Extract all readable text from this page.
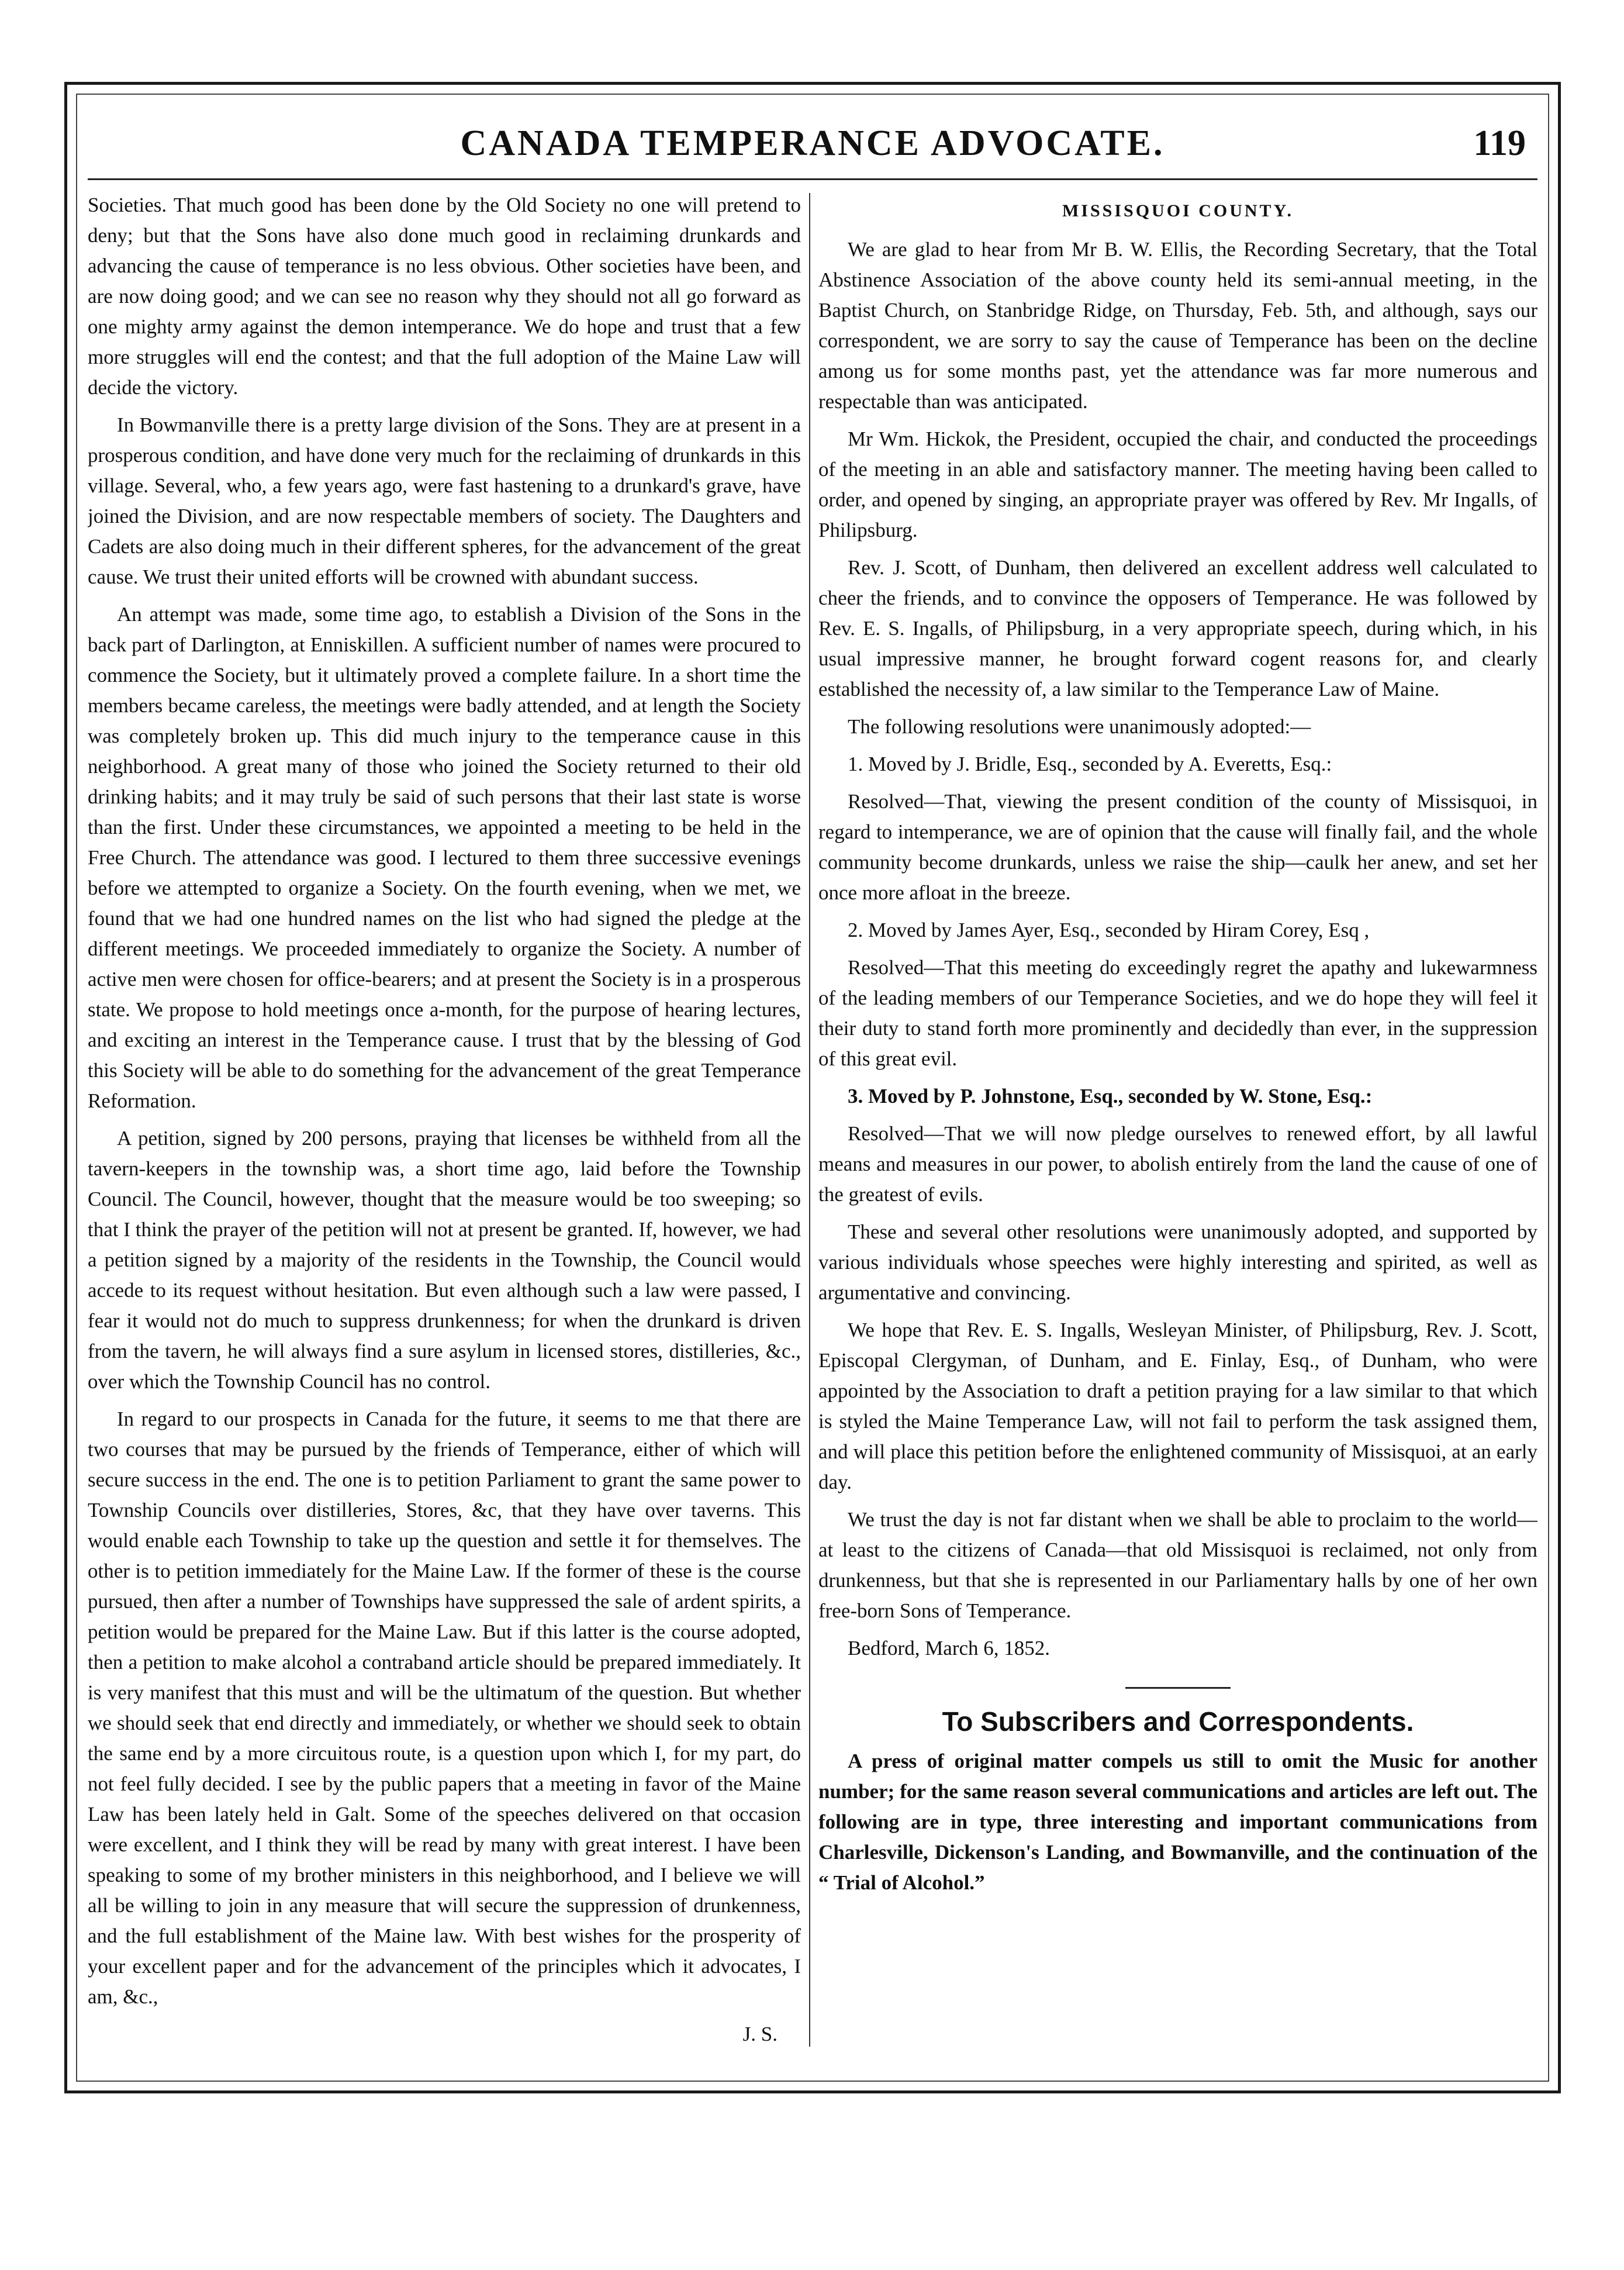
CANADA TEMPERANCE ADVOCATE.	119

Societies. That much good has been done by the Old Society no one will pretend to deny; but that the Sons have also done much good in reclaiming drunkards and advancing the cause of temperance is no less obvious. Other societies have been, and are now doing good; and we can see no reason why they should not all go forward as one mighty army against the demon intemperance. We do hope and trust that a few more struggles will end the contest; and that the full adoption of the Maine Law will decide the victory.

In Bowmanville there is a pretty large division of the Sons. They are at present in a prosperous condition, and have done very much for the reclaiming of drunkards in this village. Several, who, a few years ago, were fast hastening to a drunkard's grave, have joined the Division, and are now respectable members of society. The Daughters and Cadets are also doing much in their different spheres, for the advancement of the great cause. We trust their united efforts will be crowned with abundant success.

An attempt was made, some time ago, to establish a Division of the Sons in the back part of Darlington, at Enniskillen. A sufficient number of names were procured to commence the Society, but it ultimately proved a complete failure. In a short time the members became careless, the meetings were badly attended, and at length the Society was completely broken up. This did much injury to the temperance cause in this neighborhood. A great many of those who joined the Society returned to their old drinking habits; and it may truly be said of such persons that their last state is worse than the first. Under these circumstances, we appointed a meeting to be held in the Free Church. The attendance was good. I lectured to them three successive evenings before we attempted to organize a Society. On the fourth evening, when we met, we found that we had one hundred names on the list who had signed the pledge at the different meetings. We proceeded immediately to organize the Society. A number of active men were chosen for office-bearers; and at present the Society is in a prosperous state. We propose to hold meetings once a-month, for the purpose of hearing lectures, and exciting an interest in the Temperance cause. I trust that by the blessing of God this Society will be able to do something for the advancement of the great Temperance Reformation.

A petition, signed by 200 persons, praying that licenses be withheld from all the tavern-keepers in the township was, a short time ago, laid before the Township Council. The Council, however, thought that the measure would be too sweeping; so that I think the prayer of the petition will not at present be granted. If, however, we had a petition signed by a majority of the residents in the Township, the Council would accede to its request without hesitation. But even although such a law were passed, I fear it would not do much to suppress drunkenness; for when the drunkard is driven from the tavern, he will always find a sure asylum in licensed stores, distilleries, &c., over which the Township Council has no control.

In regard to our prospects in Canada for the future, it seems to me that there are two courses that may be pursued by the friends of Temperance, either of which will secure success in the end. The one is to petition Parliament to grant the same power to Township Councils over distilleries, Stores, &c, that they have over taverns. This would enable each Township to take up the question and settle it for themselves. The other is to petition immediately for the Maine Law. If the former of these is the course pursued, then after a number of Townships have suppressed the sale of ardent spirits, a petition would be prepared for the Maine Law. But if this latter is the course adopted, then a petition to make alcohol a contraband article should be prepared immediately. It is very manifest that this must and will be the ultimatum of the question. But whether we should seek that end directly and immediately, or whether we should seek to obtain the same end by a more circuitous route, is a question upon which I, for my part, do not feel fully decided. I see by the public papers that a meeting in favor of the Maine Law has been lately held in Galt. Some of the speeches delivered on that occasion were excellent, and I think they will be read by many with great interest. I have been speaking to some of my brother ministers in this neighborhood, and I believe we will all be willing to join in any measure that will secure the suppression of drunkenness, and the full establishment of the Maine law. With best wishes for the prosperity of your excellent paper and for the advancement of the principles which it advocates, I am, &c.,

J. S.

MISSISQUOI COUNTY.

We are glad to hear from Mr B. W. Ellis, the Recording Secretary, that the Total Abstinence Association of the above county held its semi-annual meeting, in the Baptist Church, on Stanbridge Ridge, on Thursday, Feb. 5th, and although, says our correspondent, we are sorry to say the cause of Temperance has been on the decline among us for some months past, yet the attendance was far more numerous and respectable than was anticipated.

Mr Wm. Hickok, the President, occupied the chair, and conducted the proceedings of the meeting in an able and satisfactory manner. The meeting having been called to order, and opened by singing, an appropriate prayer was offered by Rev. Mr Ingalls, of Philipsburg.

Rev. J. Scott, of Dunham, then delivered an excellent address well calculated to cheer the friends, and to convince the opposers of Temperance. He was followed by Rev. E. S. Ingalls, of Philipsburg, in a very appropriate speech, during which, in his usual impressive manner, he brought forward cogent reasons for, and clearly established the necessity of, a law similar to the Temperance Law of Maine.

The following resolutions were unanimously adopted:—

1. Moved by J. Bridle, Esq., seconded by A. Everetts, Esq.:

Resolved—That, viewing the present condition of the county of Missisquoi, in regard to intemperance, we are of opinion that the cause will finally fail, and the whole community become drunkards, unless we raise the ship—caulk her anew, and set her once more afloat in the breeze.

2. Moved by James Ayer, Esq., seconded by Hiram Corey, Esq ,

Resolved—That this meeting do exceedingly regret the apathy and lukewarmness of the leading members of our Temperance Societies, and we do hope they will feel it their duty to stand forth more prominently and decidedly than ever, in the suppression of this great evil.

3. Moved by P. Johnstone, Esq., seconded by W. Stone, Esq.:

Resolved—That we will now pledge ourselves to renewed effort, by all lawful means and measures in our power, to abolish entirely from the land the cause of one of the greatest of evils.

These and several other resolutions were unanimously adopted, and supported by various individuals whose speeches were highly interesting and spirited, as well as argumentative and convincing.

We hope that Rev. E. S. Ingalls, Wesleyan Minister, of Philipsburg, Rev. J. Scott, Episcopal Clergyman, of Dunham, and E. Finlay, Esq., of Dunham, who were appointed by the Association to draft a petition praying for a law similar to that which is styled the Maine Temperance Law, will not fail to perform the task assigned them, and will place this petition before the enlightened community of Missisquoi, at an early day.

We trust the day is not far distant when we shall be able to proclaim to the world—at least to the citizens of Canada—that old Missisquoi is reclaimed, not only from drunkenness, but that she is represented in our Parliamentary halls by one of her own free-born Sons of Temperance.

Bedford, March 6, 1852.

To Subscribers and Correspondents.

A press of original matter compels us still to omit the Music for another number; for the same reason several communications and articles are left out. The following are in type, three interesting and important communications from Charlesville, Dickenson's Landing, and Bowmanville, and the continuation of the “ Trial of Alcohol.”
